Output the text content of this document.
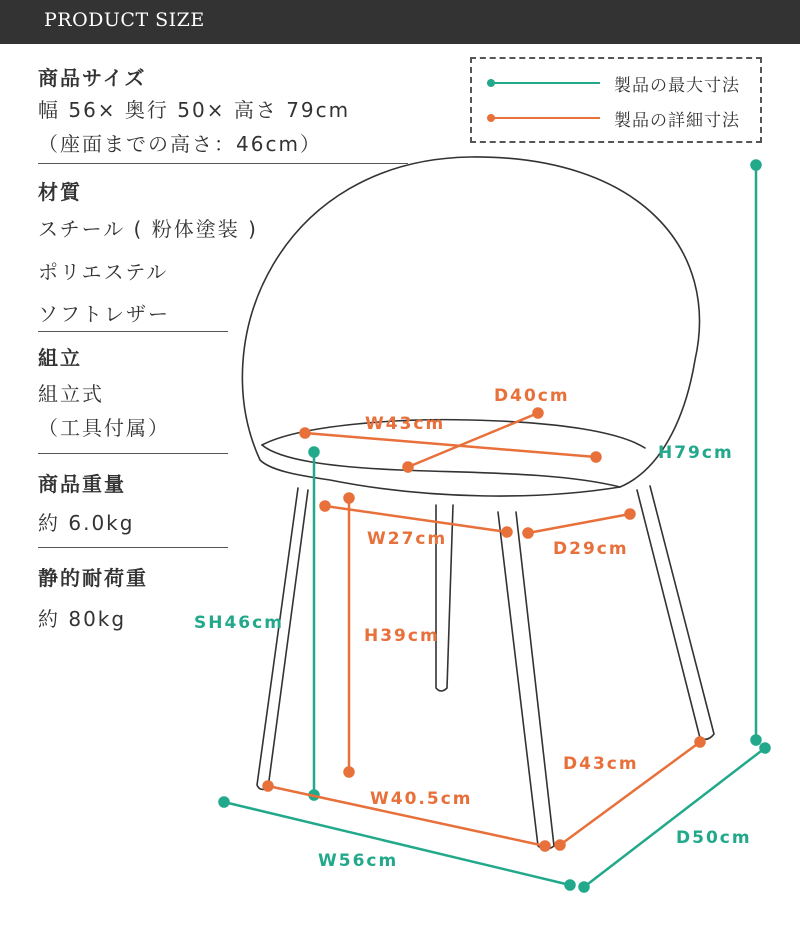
PRODUCT SIZE
商品サイズ
幅 56× 奥行 50× 高さ 79cm
（座面までの高さ：46cm）
材質
スチール ( 粉体塗装 )
ポリエステル
ソフトレザー
組立
組立式
（工具付属）
商品重量
約 6.0kg
静的耐荷重
約 80kg
製品の最大寸法
製品の詳細寸法
H79cm
W56cm
D50cm
SH46cm
W43cm
D40cm
W27cm	D29cm
H39cm
W40.5cm
D43cm
